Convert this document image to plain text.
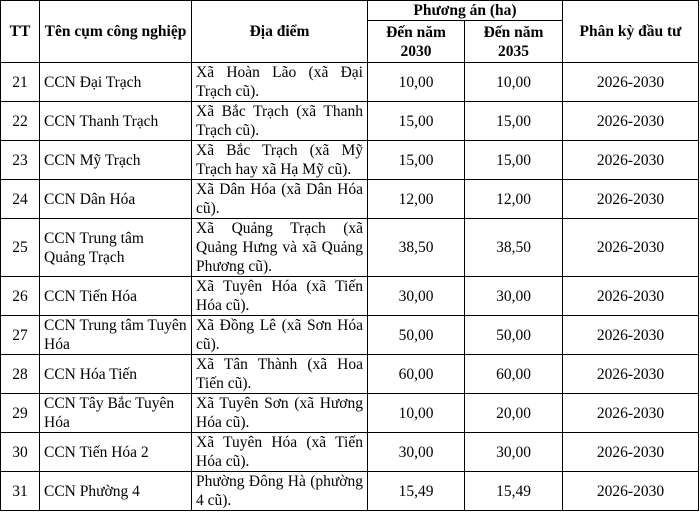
TT	Tên cụm công nghiệp	Địa điểm	Phương án (ha)		Phân kỳ đầu tư
			Đến năm 2030	Đến năm 2035	
21	CCN Đại Trạch	Xã Hoàn Lão (xã Đại Trạch cũ).	10,00	10,00	2026-2030
22	CCN Thanh Trạch	Xã Bắc Trạch (xã Thanh Trạch cũ).	15,00	15,00	2026-2030
23	CCN Mỹ Trạch	Xã Bắc Trạch (xã Mỹ Trạch hay xã Hạ Mỹ cũ).	15,00	15,00	2026-2030
24	CCN Dân Hóa	Xã Dân Hóa (xã Dân Hóa cũ).	12,00	12,00	2026-2030
25	CCN Trung tâm Quảng Trạch	Xã Quảng Trạch (xã Quảng Hưng và xã Quảng Phương cũ).	38,50	38,50	2026-2030
26	CCN Tiến Hóa	Xã Tuyên Hóa (xã Tiến Hóa cũ).	30,00	30,00	2026-2030
27	CCN Trung tâm Tuyên Hóa	Xã Đồng Lê (xã Sơn Hóa cũ).	50,00	50,00	2026-2030
28	CCN Hóa Tiến	Xã Tân Thành (xã Hoa Tiến cũ).	60,00	60,00	2026-2030
29	CCN Tây Bắc Tuyên Hóa	Xã Tuyên Sơn (xã Hương Hóa cũ).	10,00	20,00	2026-2030
30	CCN Tiến Hóa 2	Xã Tuyên Hóa (xã Tiến Hóa cũ).	30,00	30,00	2026-2030
31	CCN Phường 4	Phường Đông Hà (phường 4 cũ).	15,49	15,49	2026-2030
